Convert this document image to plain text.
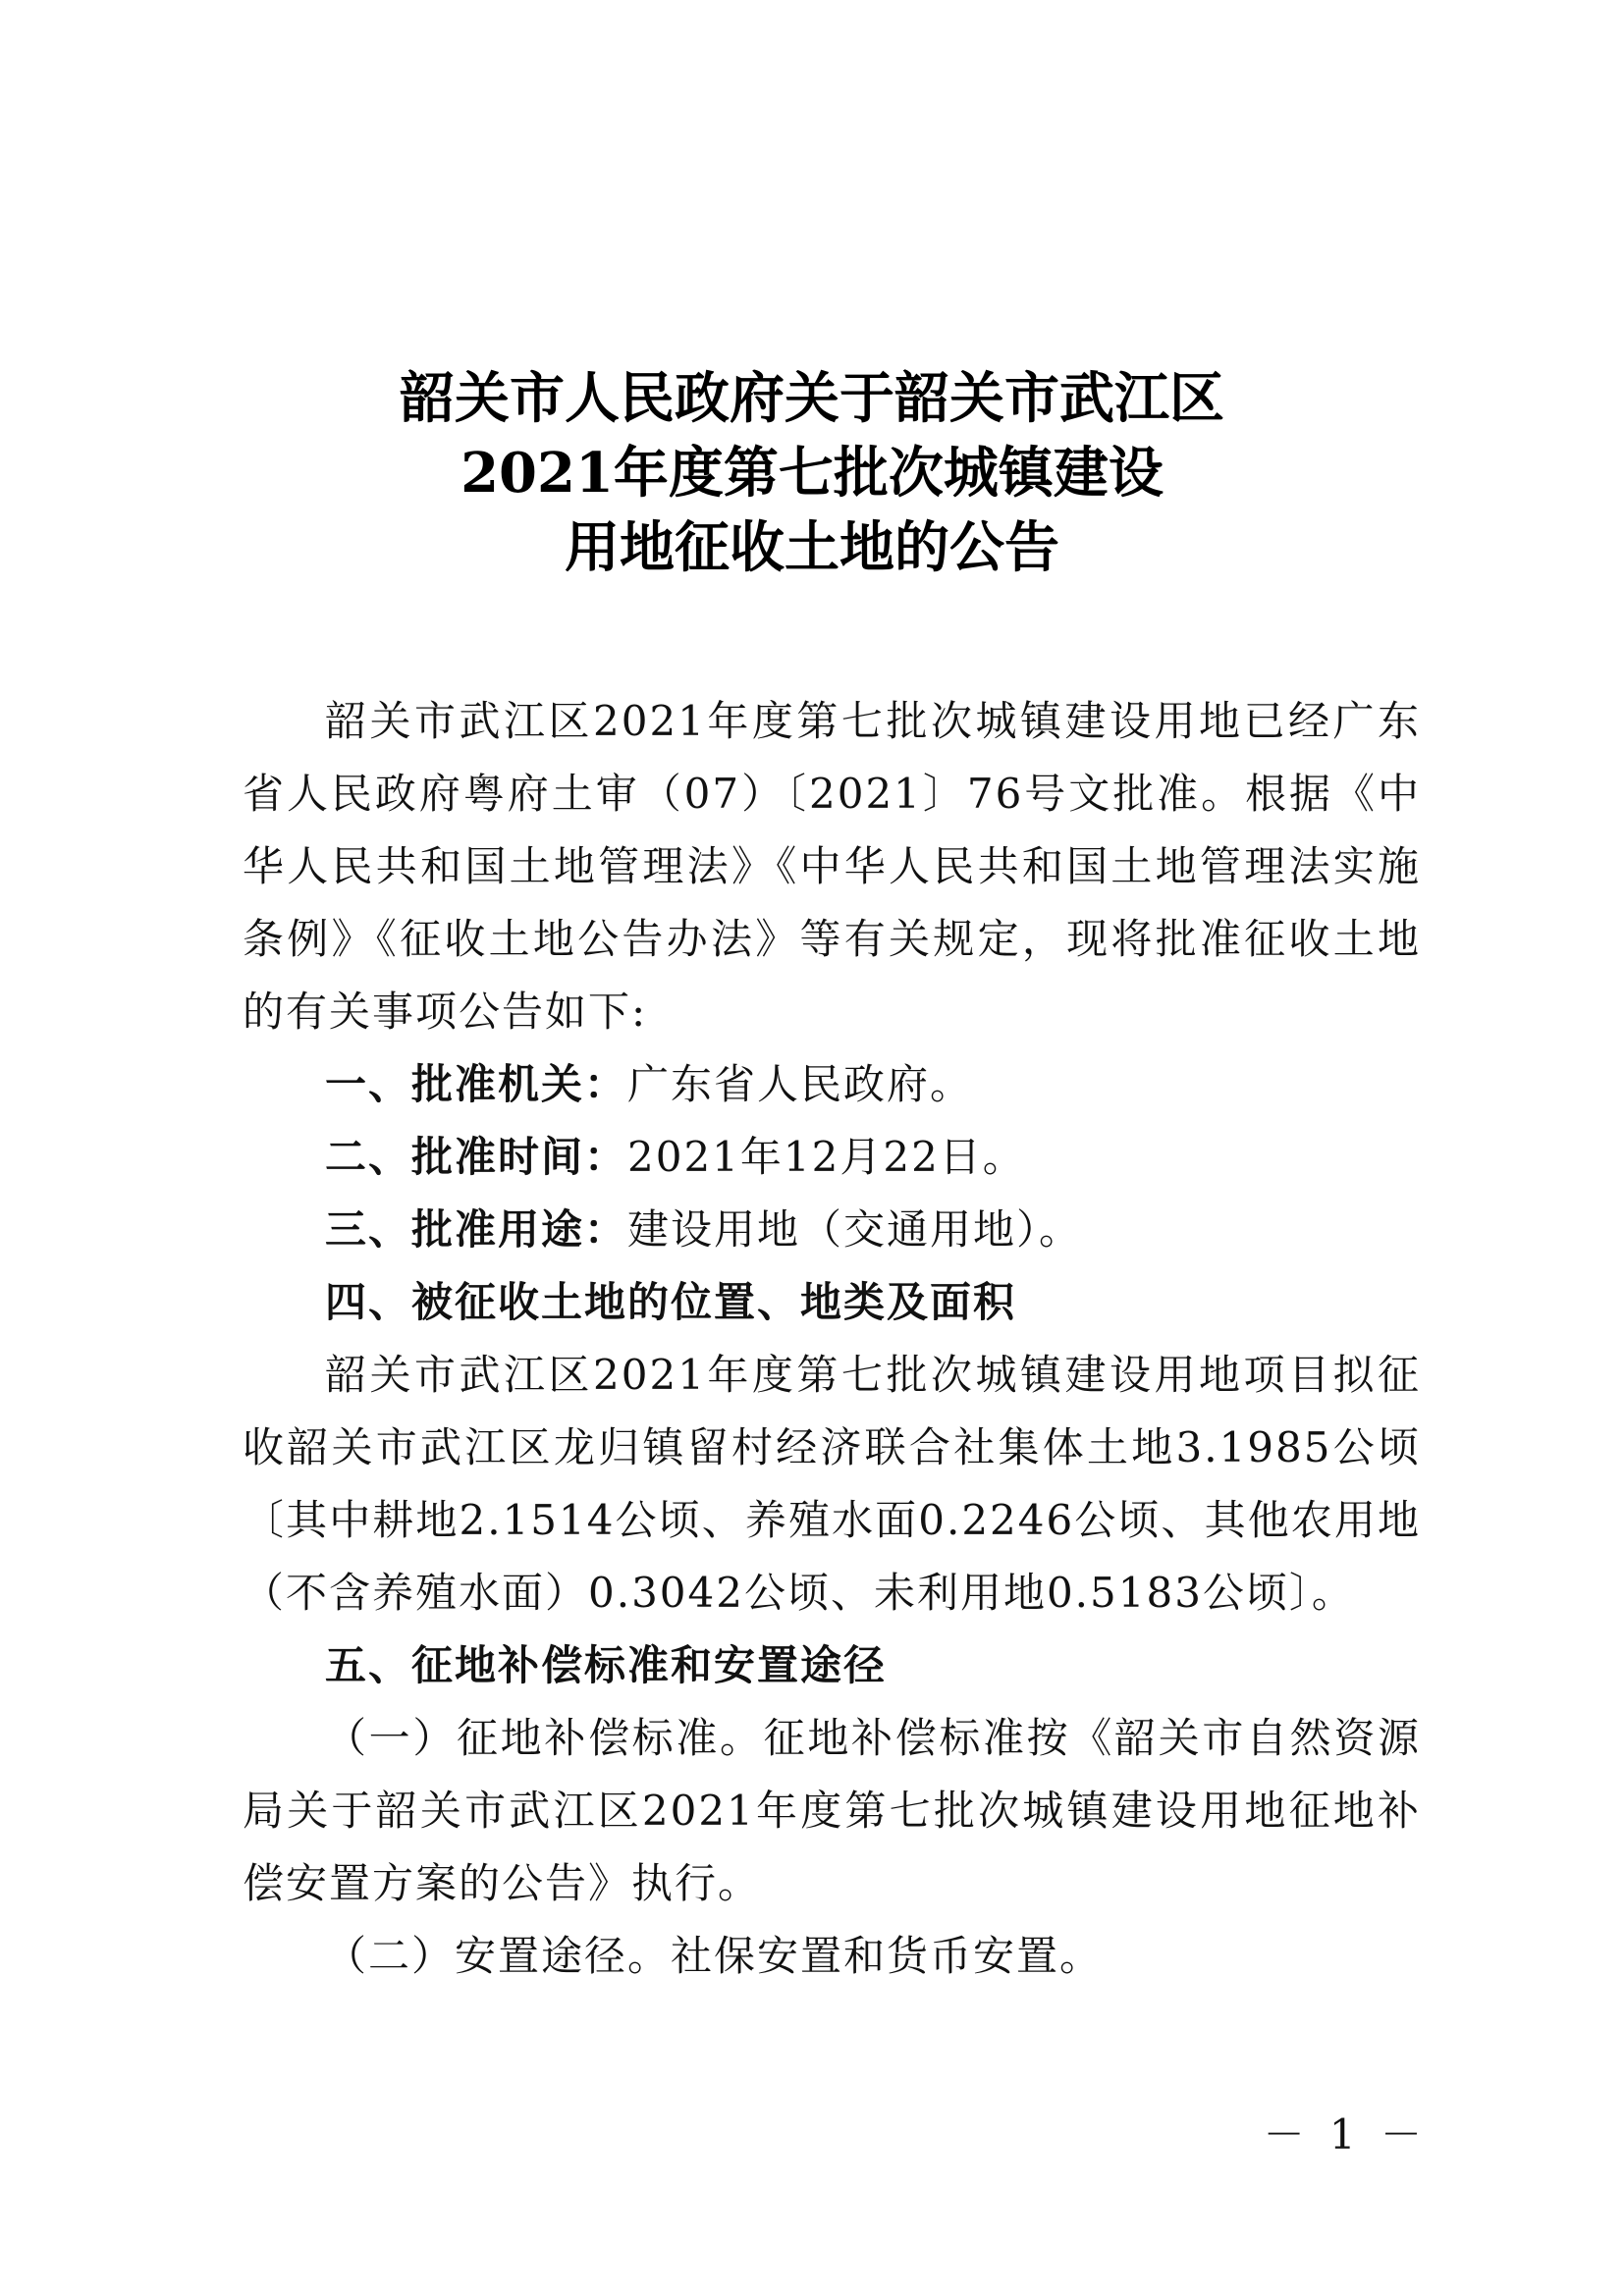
韶关市人民政府关于韶关市武江区
2021年度第七批次城镇建设
用地征收土地的公告

韶关市武江区2021年度第七批次城镇建设用地已经广东省人民政府粤府土审（07）〔2021〕76号文批准。根据《中华人民共和国土地管理法》《中华人民共和国土地管理法实施条例》《征收土地公告办法》等有关规定，现将批准征收土地的有关事项公告如下:

一、批准机关：广东省人民政府。

二、批准时间：2021年12月22日。

三、批准用途：建设用地（交通用地）。

四、被征收土地的位置、地类及面积

韶关市武江区2021年度第七批次城镇建设用地项目拟征收韶关市武江区龙归镇留村经济联合社集体土地3.1985公顷〔其中耕地2.1514公顷、养殖水面0.2246公顷、其他农用地（不含养殖水面）0.3042公顷、未利用地0.5183公顷〕。

五、征地补偿标准和安置途径

（一）征地补偿标准。征地补偿标准按《韶关市自然资源局关于韶关市武江区2021年度第七批次城镇建设用地征地补偿安置方案的公告》执行。

（二）安置途径。社保安置和货币安置。

－ 1 －
